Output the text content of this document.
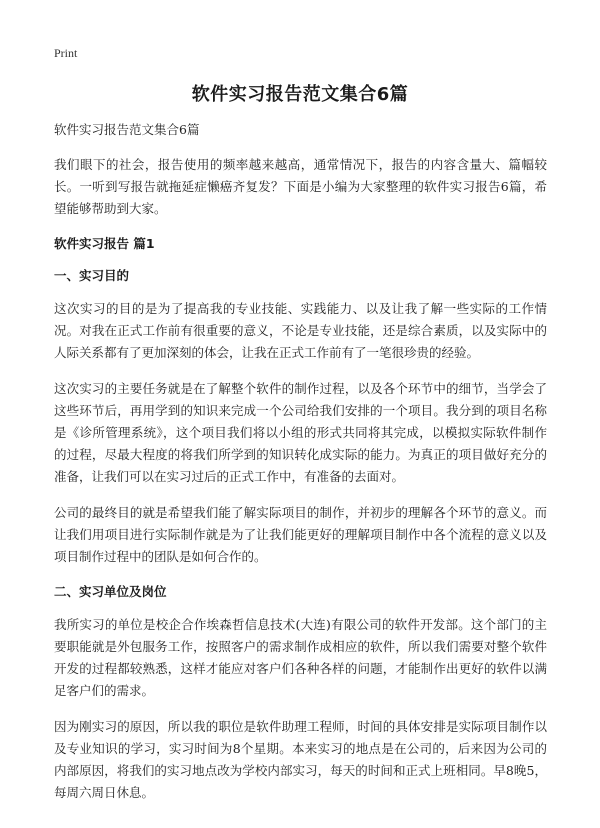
Print
软件实习报告范文集合6篇

软件实习报告范文集合6篇

我们眼下的社会，报告使用的频率越来越高，通常情况下，报告的内容含量大、篇幅较长。一听到写报告就拖延症懒癌齐复发？下面是小编为大家整理的软件实习报告6篇，希望能够帮助到大家。

软件实习报告 篇1

一、实习目的

这次实习的目的是为了提高我的专业技能、实践能力、以及让我了解一些实际的工作情况。对我在正式工作前有很重要的意义，不论是专业技能，还是综合素质，以及实际中的人际关系都有了更加深刻的体会，让我在正式工作前有了一笔很珍贵的经验。

这次实习的主要任务就是在了解整个软件的制作过程，以及各个环节中的细节，当学会了这些环节后，再用学到的知识来完成一个公司给我们安排的一个项目。我分到的项目名称是《诊所管理系统》，这个项目我们将以小组的形式共同将其完成，以模拟实际软件制作的过程，尽最大程度的将我们所学到的知识转化成实际的能力。为真正的项目做好充分的准备，让我们可以在实习过后的正式工作中，有准备的去面对。

公司的最终目的就是希望我们能了解实际项目的制作，并初步的理解各个环节的意义。而让我们用项目进行实际制作就是为了让我们能更好的理解项目制作中各个流程的意义以及项目制作过程中的团队是如何合作的。

二、实习单位及岗位

我所实习的单位是校企合作埃森哲信息技术(大连)有限公司的软件开发部。这个部门的主要职能就是外包服务工作，按照客户的需求制作成相应的软件，所以我们需要对整个软件开发的过程都较熟悉，这样才能应对客户们各种各样的问题，才能制作出更好的软件以满足客户们的需求。

因为刚实习的原因，所以我的职位是软件助理工程师，时间的具体安排是实际项目制作以及专业知识的学习，实习时间为8个星期。本来实习的地点是在公司的，后来因为公司的内部原因，将我们的实习地点改为学校内部实习，每天的时间和正式上班相同。早8晚5，每周六周日休息。
